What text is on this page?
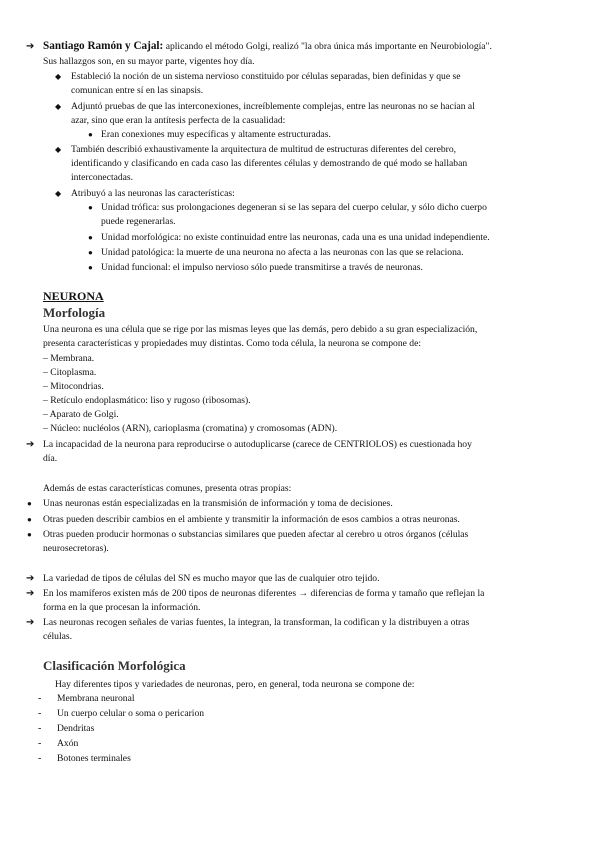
➔ Santiago Ramón y Cajal: aplicando el método Golgi, realizó "la obra única más importante en Neurobiología".
Sus hallazgos son, en su mayor parte, vigentes hoy día.
◆ Estableció la noción de un sistema nervioso constituido por células separadas, bien definidas y que se
comunican entre sí en las sinapsis.
◆ Adjuntó pruebas de que las interconexiones, increíblemente complejas, entre las neuronas no se hacían al
azar, sino que eran la antítesis perfecta de la casualidad:
● Eran conexiones muy específicas y altamente estructuradas.
◆ También describió exhaustivamente la arquitectura de multitud de estructuras diferentes del cerebro,
identificando y clasificando en cada caso las diferentes células y demostrando de qué modo se hallaban
interconectadas.
◆ Atribuyó a las neuronas las características:
● Unidad trófica: sus prolongaciones degeneran si se las separa del cuerpo celular, y sólo dicho cuerpo
puede regenerarlas.
● Unidad morfológica: no existe continuidad entre las neuronas, cada una es una unidad independiente.
● Unidad patológica: la muerte de una neurona no afecta a las neuronas con las que se relaciona.
● Unidad funcional: el impulso nervioso sólo puede transmitirse a través de neuronas.
NEURONA
Morfología
Una neurona es una célula que se rige por las mismas leyes que las demás, pero debido a su gran especialización,
presenta características y propiedades muy distintas. Como toda célula, la neurona se compone de:
– Membrana.
– Citoplasma.
– Mitocondrias.
– Retículo endoplasmático: liso y rugoso (ribosomas).
– Aparato de Golgi.
– Núcleo: nucléolos (ARN), carioplasma (cromatina) y cromosomas (ADN).
➔ La incapacidad de la neurona para reproducirse o autoduplicarse (carece de CENTRIOLOS) es cuestionada hoy
día.
Además de estas características comunes, presenta otras propias:
● Unas neuronas están especializadas en la transmisión de información y toma de decisiones.
● Otras pueden describir cambios en el ambiente y transmitir la información de esos cambios a otras neuronas.
● Otras pueden producir hormonas o substancias similares que pueden afectar al cerebro u otros órganos (células
neurosecretoras).
➔ La variedad de tipos de células del SN es mucho mayor que las de cualquier otro tejido.
➔ En los mamíferos existen más de 200 tipos de neuronas diferentes → diferencias de forma y tamaño que reflejan la
forma en la que procesan la información.
➔ Las neuronas recogen señales de varias fuentes, la integran, la transforman, la codifican y la distribuyen a otras
células.
Clasificación Morfológica
Hay diferentes tipos y variedades de neuronas, pero, en general, toda neurona se compone de:
- Membrana neuronal
- Un cuerpo celular o soma o pericarion
- Dendritas
- Axón
- Botones terminales
